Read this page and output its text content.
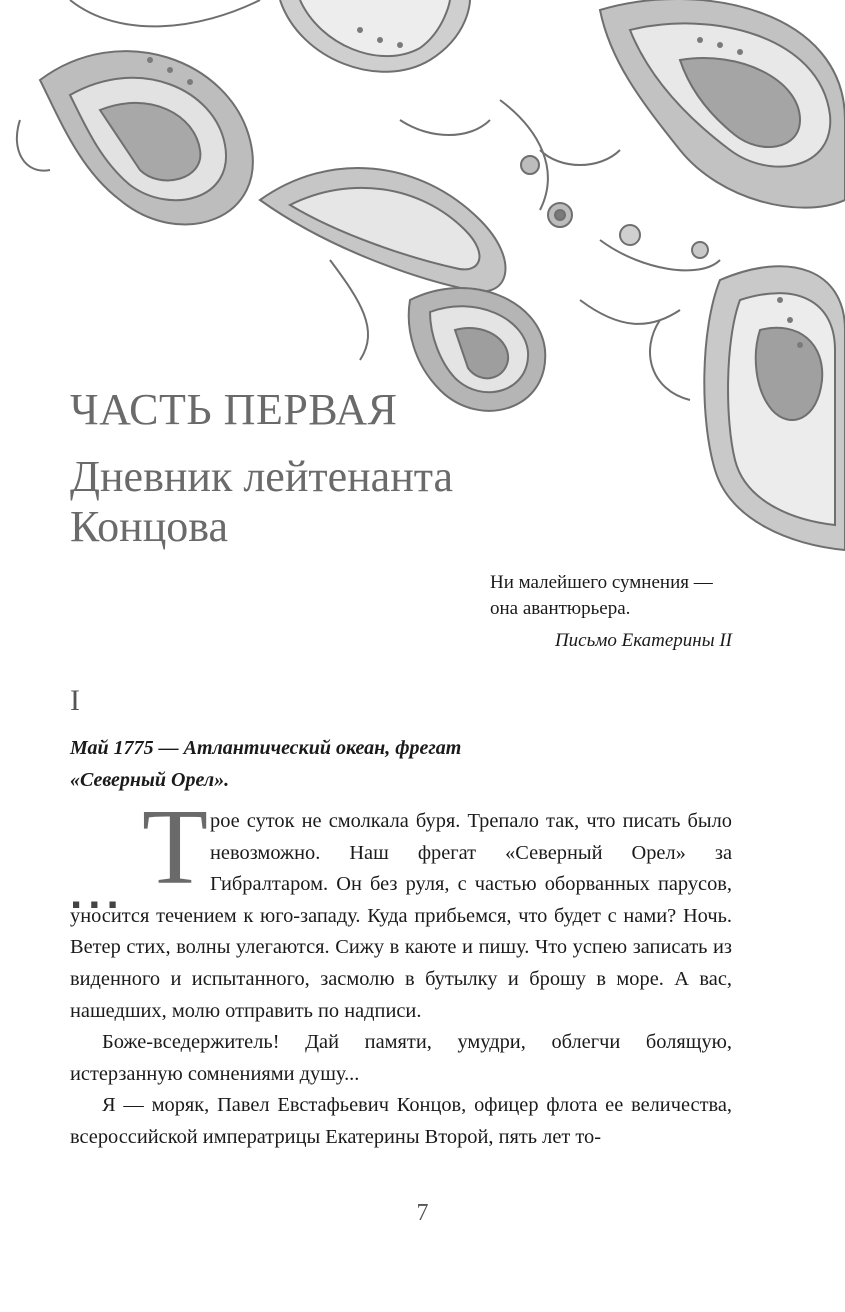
ЧАСТЬ ПЕРВАЯ
Дневник лейтенанта Концова
Ни малейшего сумнения — она авантюрьера.
Письмо Екатерины II
I
Май 1775 — Атлантический океан, фрегат «Северный Орел».
... Т рое суток не смолкала буря. Трепало так, что писать было невозможно. Наш фрегат «Северный Орел» за Гибралтаром. Он без руля, с частью оборванных парусов, уносится течением к юго-западу. Куда прибьемся, что будет с нами? Ночь. Ветер стих, волны улегаются. Сижу в каюте и пишу. Что успею записать из виденного и испытанного, засмолю в бутылку и брошу в море. А вас, нашедших, молю отправить по надписи.

Боже-вседержитель! Дай памяти, умудри, облегчи болящую, истерзанную сомнениями душу...

Я — моряк, Павел Евстафьевич Концов, офицер флота ее величества, всероссийской императрицы Екатерины Второй, пять лет то-

7
